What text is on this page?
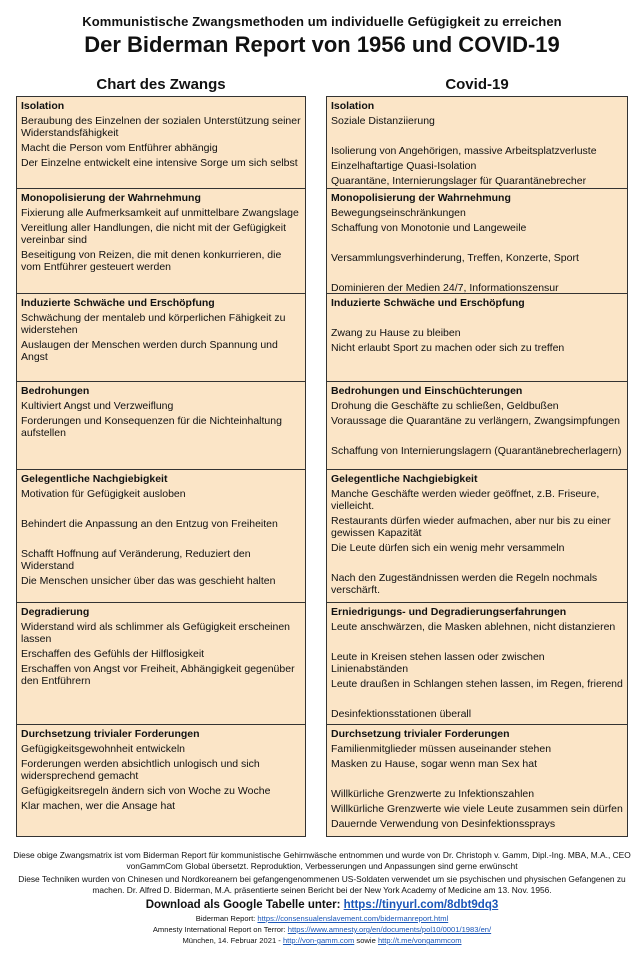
Kommunistische Zwangsmethoden um individuelle Gefügigkeit zu erreichen
Der Biderman Report von 1956 und COVID-19
Chart des Zwangs	Covid-19
Isolation
Beraubung des Einzelnen der sozialen Unterstützung seiner Widerstandsfähigkeit
Macht die Person vom Entführer abhängig
Der Einzelne entwickelt eine intensive Sorge um sich selbst
Monopolisierung der Wahrnehmung
Fixierung alle Aufmerksamkeit auf unmittelbare Zwangslage
Vereitlung aller Handlungen, die nicht mit der Gefügigkeit vereinbar sind
Beseitigung von Reizen, die mit denen konkurrieren, die vom Entführer gesteuert werden
Induzierte Schwäche und Erschöpfung
Schwächung der mentaleb und körperlichen Fähigkeit zu widerstehen
Auslaugen der Menschen werden durch Spannung und Angst
Bedrohungen
Kultiviert Angst und Verzweiflung
Forderungen und Konsequenzen für die Nichteinhaltung aufstellen
Gelegentliche Nachgiebigkeit
Motivation für Gefügigkeit ausloben
Behindert die Anpassung an den Entzug von Freiheiten
Schafft Hoffnung auf Veränderung, Reduziert den Widerstand
Die Menschen unsicher über das was geschieht halten
Degradierung
Widerstand wird als schlimmer als Gefügigkeit erscheinen lassen
Erschaffen des Gefühls der Hilflosigkeit
Erschaffen von Angst vor Freiheit, Abhängigkeit gegenüber den Entführern
Durchsetzung trivialer Forderungen
Gefügigkeitsgewohnheit entwickeln
Forderungen werden absichtlich unlogisch und sich widersprechend gemacht
Gefügigkeitsregeln ändern sich von Woche zu Woche
Klar machen, wer die Ansage hat
Isolation
Soziale Distanziierung
Isolierung von Angehörigen, massive Arbeitsplatzverluste
Einzelhaftartige Quasi-Isolation
Quarantäne, Internierungslager für Quarantänebrecher
Monopolisierung der Wahrnehmung
Bewegungseinschränkungen
Schaffung von Monotonie und Langeweile
Versammlungsverhinderung, Treffen, Konzerte, Sport
Dominieren der Medien 24/7, Informationszensur
Induzierte Schwäche und Erschöpfung
Zwang zu Hause zu bleiben
Nicht erlaubt Sport zu machen oder sich zu treffen
Bedrohungen und Einschüchterungen
Drohung die Geschäfte zu schließen, Geldbußen
Voraussage die Quarantäne zu verlängern, Zwangsimpfungen
Schaffung von Internierungslagern (Quarantänebrecherlagern)
Gelegentliche Nachgiebigkeit
Manche Geschäfte werden wieder geöffnet, z.B. Friseure, vielleicht.
Restaurants dürfen wieder aufmachen, aber nur bis zu einer gewissen Kapazität
Die Leute dürfen sich ein wenig mehr versammeln
Nach den Zugeständnissen werden die Regeln nochmals verschärft.
Erniedrigungs- und Degradierungserfahrungen
Leute anschwärzen, die Masken ablehnen, nicht distanzieren
Leute in Kreisen stehen lassen oder zwischen Linienabständen
Leute draußen in Schlangen stehen lassen, im Regen, frierend
Desinfektionsstationen überall
Durchsetzung trivialer Forderungen
Familienmitglieder müssen auseinander stehen
Masken zu Hause, sogar wenn man Sex hat
Willkürliche Grenzwerte zu Infektionszahlen
Willkürliche Grenzwerte wie viele Leute zusammen sein dürfen
Dauernde Verwendung von Desinfektionssprays

Diese obige Zwangsmatrix ist vom Biderman Report für kommunistische Gehirnwäsche entnommen und wurde von Dr. Christoph v. Gamm, Dipl.-Ing. MBA, M.A., CEO vonGammCom Global übersetzt. Reproduktion, Verbesserungen und Anpassungen sind gerne erwünscht

Diese Techniken wurden von Chinesen und Nordkoreanern bei gefangengenommenen US-Soldaten verwendet um sie psychischen und physischen Gefangenen zu machen. Dr. Alfred D. Biderman, M.A. präsentierte seinen Bericht bei der New York Academy of Medicine am 13. Nov. 1956.

Download als Google Tabelle unter: https://tinyurl.com/8dbt9dq3

Biderman Report: https://consensualenslavement.com/bidermanreport.html

Amnesty International Report on Terror: https://www.amnesty.org/en/documents/pol10/0001/1983/en/

München, 14. Februar 2021 - http://von-gamm.com sowie http://t.me/vongammcom
